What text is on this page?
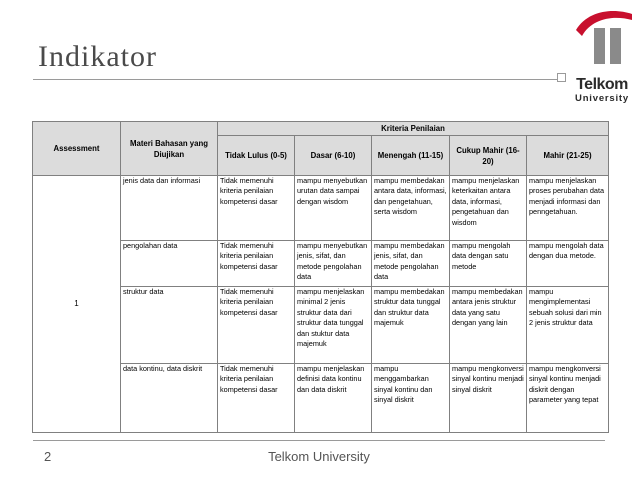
Indikator
Telkom
University
Assessment	Materi Bahasan yang Diujikan	Kriteria Penilaian				
		Tidak Lulus (0-5)	Dasar (6-10)	Menengah (11-15)	Cukup Mahir (16-20)	Mahir (21-25)
1	jenis data dan informasi	Tidak memenuhi kriteria penilaian kompetensi dasar	mampu menyebutkan urutan data sampai dengan wisdom	mampu membedakan antara data, informasi, dan pengetahuan, serta wisdom	mampu menjelaskan keterkaitan antara data, informasi, pengetahuan dan wisdom	mampu menjelaskan proses perubahan data menjadi informasi dan penngetahuan.
	pengolahan data	Tidak memenuhi kriteria penilaian kompetensi dasar	mampu menyebutkan jenis, sifat, dan metode pengolahan data	mampu membedakan jenis, sifat, dan metode pengolahan data	mampu mengolah data dengan satu metode	mampu mengolah data dengan dua metode.
	struktur data	Tidak memenuhi kriteria penilaian kompetensi dasar	mampu menjelaskan minimal 2 jenis struktur data dari struktur data tunggal dan stuktur data majemuk	mampu membedakan struktur data tunggal dan struktur data majemuk	mampu membedakan antara jenis struktur data yang satu dengan yang lain	mampu mengimplementasi sebuah solusi dari min 2 jenis struktur data
	data kontinu, data diskrit	Tidak memenuhi kriteria penilaian kompetensi dasar	mampu menjelaskan definisi data kontinu dan data diskrit	mampu menggambarkan sinyal kontinu dan sinyal diskrit	mampu mengkonversi sinyal kontinu menjadi sinyal diskrit	mampu mengkonversi sinyal kontinu menjadi diskrit dengan parameter yang tepat
2	Telkom University
